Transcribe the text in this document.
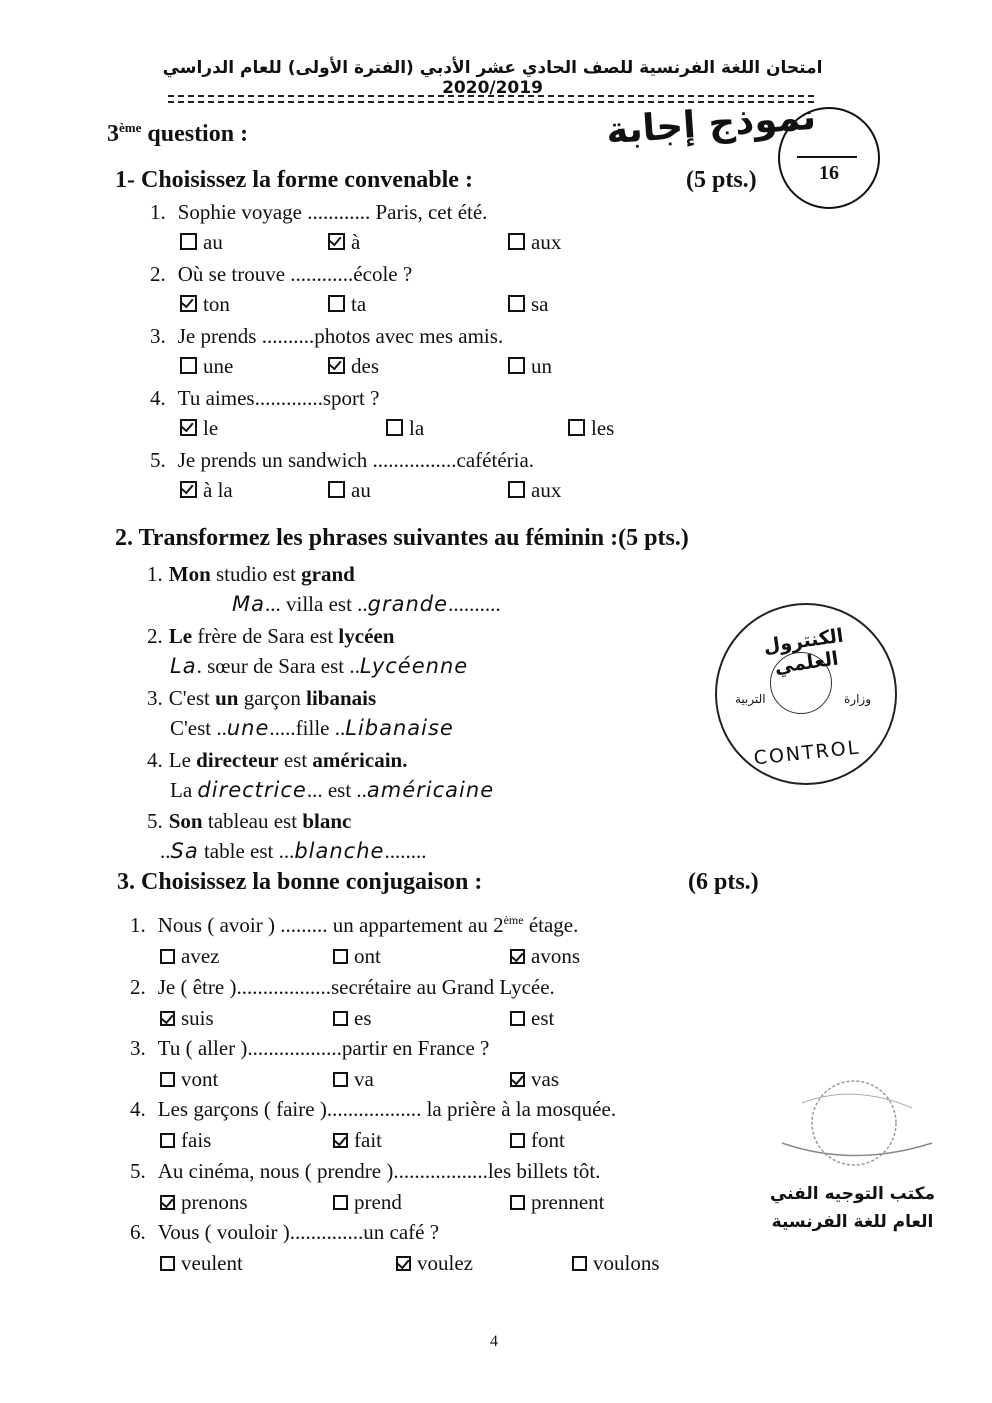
امتحان اللغة الفرنسية للصف الحادي عشر الأدبي (الفترة الأولى) للعام الدراسي 2020/2019
3ème question :	نموذج إجابة
16
1- Choisissez la forme convenable :	(5 pts.)
1. Sophie voyage ............ Paris, cet été.
au	à	aux
2. Où se trouve ............école ?
ton	ta	sa
3. Je prends ..........photos avec mes amis.
une	des	un
4. Tu aimes.............sport ?
le	la	les
5. Je prends un sandwich ................cafétéria.
à la	au	aux
2. Transformez les phrases suivantes au féminin :(5 pts.)
1. Mon studio est grand
Ma... villa est ..grande..........
2. Le frère de Sara est lycéen
La. sœur de Sara est ..Lycéenne
3. C'est un garçon libanais
C'est ..une.....fille ..Libanaise
4. Le directeur est américain.
La directrice... est ..américaine
5. Son tableau est blanc
..Sa table est ...blanche........
الكنترول العلمي
التربية	وزارة
CONTROL
3. Choisissez la bonne conjugaison :	(6 pts.)
1. Nous ( avoir ) ......... un appartement au 2ème étage.
avez	ont	avons
2. Je ( être )..................secrétaire au Grand Lycée.
suis	es	est
3. Tu ( aller )..................partir en France ?
vont	va	vas
4. Les garçons ( faire ).................. la prière à la mosquée.
fais	fait	font
5. Au cinéma, nous ( prendre )..................les billets tôt.
prenons	prend	prennent
6. Vous ( vouloir )..............un café ?
veulent	voulez	voulons
مكتب التوجيه الفني
العام للغة الفرنسية
4
